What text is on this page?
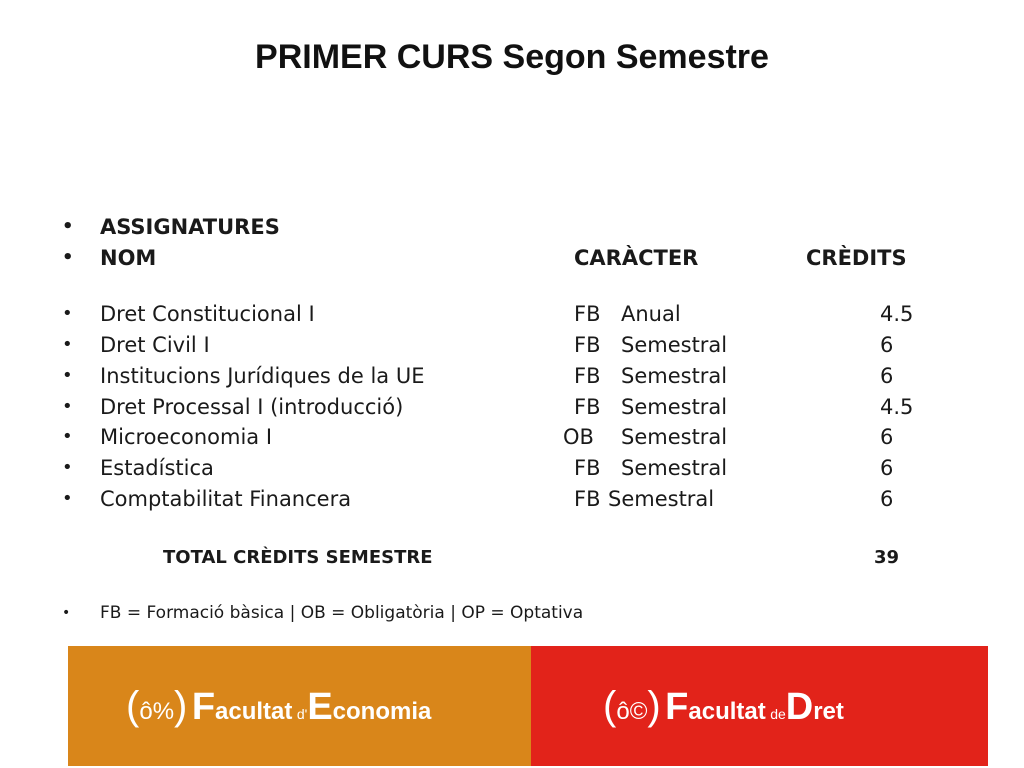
PRIMER CURS Segon Semestre
• ASSIGNATURES
• NOM	CARÀCTER	CRÈDITS
• Dret Constitucional I	FB Anual	4.5
• Dret Civil I	FB Semestral	6
• Institucions Jurídiques de la UE	FB Semestral	6
• Dret Processal I (introducció)	FB Semestral	4.5
• Microeconomia I	OB Semestral	6
• Estadística	FB Semestral	6
• Comptabilitat Financera	FB Semestral	6
TOTAL CRÈDITS SEMESTRE	39
• FB = Formació bàsica | OB = Obligatòria | OP = Optativa
(ô%) Facultat d'Economia	(ô©) Facultat deDret
